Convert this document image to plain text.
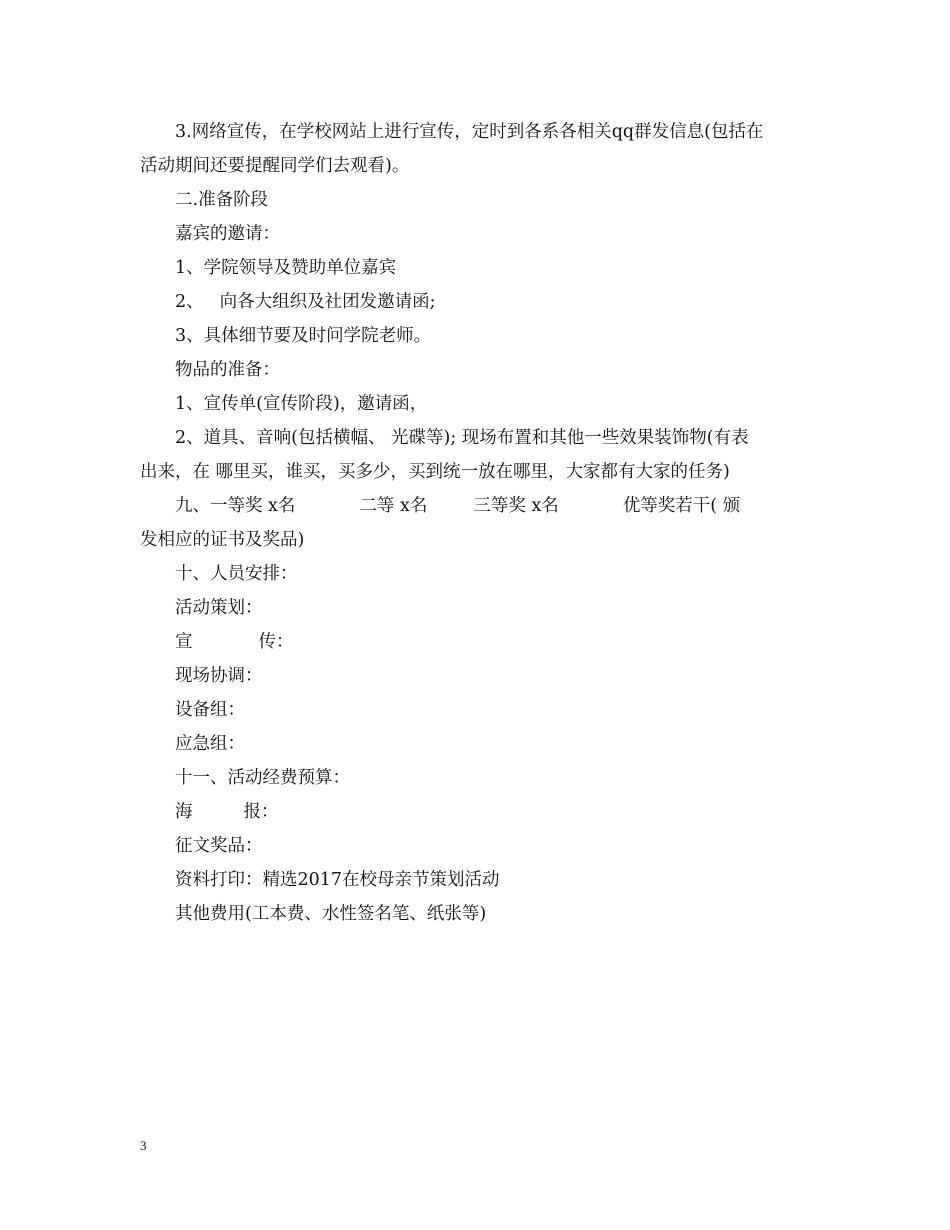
3.网络宣传，在学校网站上进行宣传，定时到各系各相关qq群发信息(包括在
活动期间还要提醒同学们去观看)。
二.准备阶段
嘉宾的邀请：
1、学院领导及赞助单位嘉宾
2、 向各大组织及社团发邀请函;
3、具体细节要及时问学院老师。
物品的准备：
1、宣传单(宣传阶段)，邀请函，
2、道具、音响(包括横幅、 光碟等); 现场布置和其他一些效果装饰物(有表
出来，在 哪里买，谁买，买多少，买到统一放在哪里，大家都有大家的任务)
九、一等奖 x名	二等 x名	三等奖 x名	优等奖若干( 颁
发相应的证书及奖品)
十、人员安排：
活动策划：
宣	传：
现场协调：
设备组：
应急组：
十一、活动经费预算：
海	报：
征文奖品：
资料打印：精选2017在校母亲节策划活动
其他费用(工本费、水性签名笔、纸张等)
3
